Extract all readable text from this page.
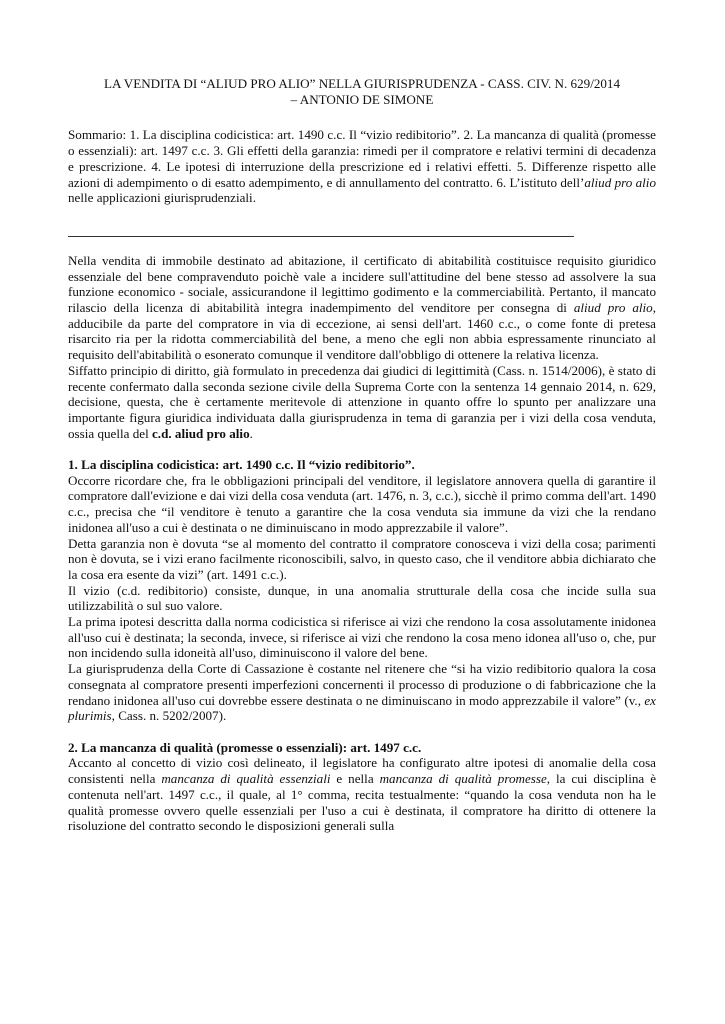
LA VENDITA DI “ALIUD PRO ALIO” NELLA GIURISPRUDENZA - CASS. CIV. N. 629/2014
– ANTONIO DE SIMONE

Sommario: 1. La disciplina codicistica: art. 1490 c.c. Il “vizio redibitorio”. 2. La mancanza di qualità (promesse o essenziali): art. 1497 c.c. 3. Gli effetti della garanzia: rimedi per il compratore e relativi termini di decadenza e prescrizione. 4. Le ipotesi di interruzione della prescrizione ed i relativi effetti. 5. Differenze rispetto alle azioni di adempimento o di esatto adempimento, e di annullamento del contratto. 6. L’istituto dell’aliud pro alio nelle applicazioni giurisprudenziali.

Nella vendita di immobile destinato ad abitazione, il certificato di abitabilità costituisce requisito giuridico essenziale del bene compravenduto poichè vale a incidere sull'attitudine del bene stesso ad assolvere la sua funzione economico - sociale, assicurandone il legittimo godimento e la commerciabilità. Pertanto, il mancato rilascio della licenza di abitabilità integra inadempimento del venditore per consegna di aliud pro alio, adducibile da parte del compratore in via di eccezione, ai sensi dell'art. 1460 c.c., o come fonte di pretesa risarcito ria per la ridotta commerciabilità del bene, a meno che egli non abbia espressamente rinunciato al requisito dell'abitabilità o esonerato comunque il venditore dall'obbligo di ottenere la relativa licenza.

Siffatto principio di diritto, già formulato in precedenza dai giudici di legittimità (Cass. n. 1514/2006), è stato di recente confermato dalla seconda sezione civile della Suprema Corte con la sentenza 14 gennaio 2014, n. 629, decisione, questa, che è certamente meritevole di attenzione in quanto offre lo spunto per analizzare una importante figura giuridica individuata dalla giurisprudenza in tema di garanzia per i vizi della cosa venduta, ossia quella del c.d. aliud pro alio.

1. La disciplina codicistica: art. 1490 c.c. Il “vizio redibitorio”.

Occorre ricordare che, fra le obbligazioni principali del venditore, il legislatore annovera quella di garantire il compratore dall'evizione e dai vizi della cosa venduta (art. 1476, n. 3, c.c.), sicchè il primo comma dell'art. 1490 c.c., precisa che “il venditore è tenuto a garantire che la cosa venduta sia immune da vizi che la rendano inidonea all'uso a cui è destinata o ne diminuiscano in modo apprezzabile il valore”.

Detta garanzia non è dovuta “se al momento del contratto il compratore conosceva i vizi della cosa; parimenti non è dovuta, se i vizi erano facilmente riconoscibili, salvo, in questo caso, che il venditore abbia dichiarato che la cosa era esente da vizi” (art. 1491 c.c.).

Il vizio (c.d. redibitorio) consiste, dunque, in una anomalia strutturale della cosa che incide sulla sua utilizzabilità o sul suo valore.

La prima ipotesi descritta dalla norma codicistica si riferisce ai vizi che rendono la cosa assolutamente inidonea all'uso cui è destinata; la seconda, invece, si riferisce ai vizi che rendono la cosa meno idonea all'uso o, che, pur non incidendo sulla idoneità all'uso, diminuiscono il valore del bene.

La giurisprudenza della Corte di Cassazione è costante nel ritenere che “si ha vizio redibitorio qualora la cosa consegnata al compratore presenti imperfezioni concernenti il processo di produzione o di fabbricazione che la rendano inidonea all'uso cui dovrebbe essere destinata o ne diminuiscano in modo apprezzabile il valore” (v., ex plurimis, Cass. n. 5202/2007).

2. La mancanza di qualità (promesse o essenziali): art. 1497 c.c.

Accanto al concetto di vizio così delineato, il legislatore ha configurato altre ipotesi di anomalie della cosa consistenti nella mancanza di qualità essenziali e nella mancanza di qualità promesse, la cui disciplina è contenuta nell'art. 1497 c.c., il quale, al 1° comma, recita testualmente: “quando la cosa venduta non ha le qualità promesse ovvero quelle essenziali per l'uso a cui è destinata, il compratore ha diritto di ottenere la risoluzione del contratto secondo le disposizioni generali sulla
